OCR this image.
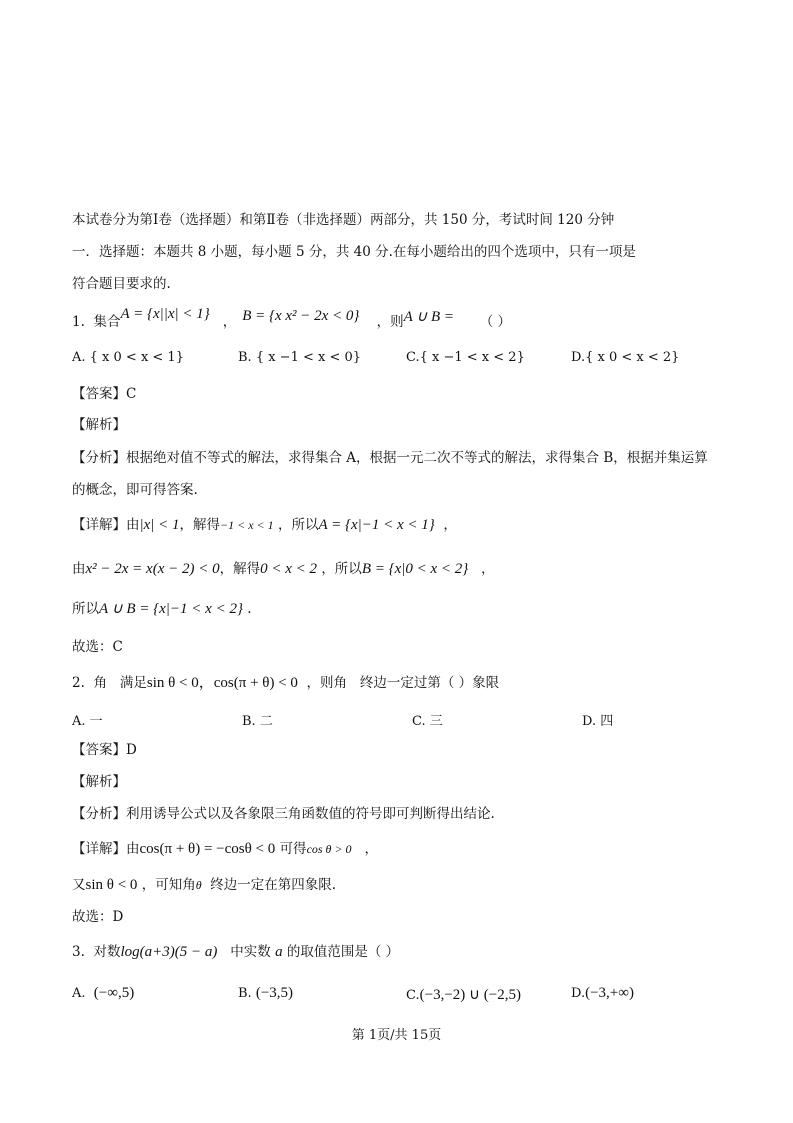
本试卷分为第Ⅰ卷（选择题）和第Ⅱ卷（非选择题）两部分，共 150 分，考试时间 120 分钟
一．选择题：本题共 8 小题，每小题 5 分，共 40 分.在每小题给出的四个选项中，只有一项是
符合题目要求的.
1. 集合A = {x||x| < 1} ， B = {x x² − 2x < 0} ，则A ∪ B = （ ）
A. { x 0 < x < 1}	B. { x −1 < x < 0}	C.{ x −1 < x < 2}	D.{ x 0 < x < 2}
【答案】C
【解析】
【分析】根据绝对值不等式的解法，求得集合 A，根据一元二次不等式的解法，求得集合 B，根据并集运算
的概念，即可得答案.
【详解】由|x| < 1，解得−1 < x < 1 ，所以A = {x|−1 < x < 1} ，
由x² − 2x = x(x − 2) < 0，解得0 < x < 2 ，所以B = {x|0 < x < 2} ，
所以A ∪ B = {x|−1 < x < 2} .
故选：C
2. 角 满足sin θ < 0，cos(π + θ) < 0 ，则角 终边一定过第（ ）象限
A. 一	B. 二	C. 三	D. 四
【答案】D
【解析】
【分析】利用诱导公式以及各象限三角函数值的符号即可判断得出结论.
【详解】由cos(π + θ) = −cosθ < 0 可得cos θ > 0 ，
又sin θ < 0 ，可知角θ 终边一定在第四象限.
故选：D
3. 对数log(a+3)(5 − a) 中实数 a 的取值范围是（ ）
A. (−∞,5)	B. (−3,5)	C.(−3,−2) ∪ (−2,5)	D.(−3,+∞)
第 1页/共 15页
